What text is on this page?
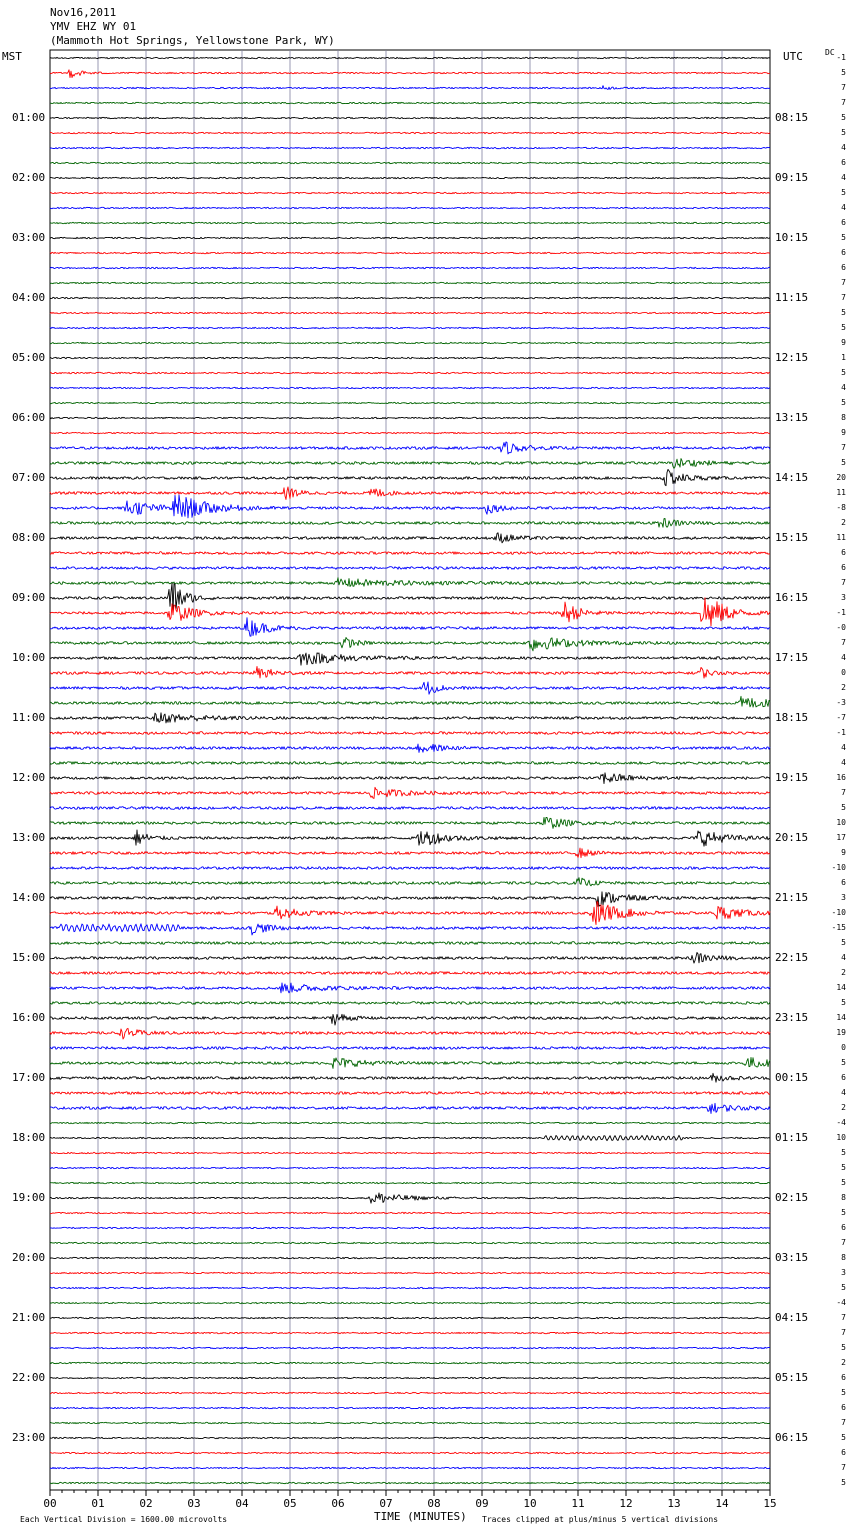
Nov16,2011
YMV EHZ WY 01
(Mammoth Hot Springs, Yellowstone Park, WY)
MST	UTC	DC
00	01	02	03	04	05	06	07	08	09	10	11	12	13	14	15
01:00
02:00
03:00
04:00
05:00
06:00
07:00
08:00
09:00
10:00
11:00
12:00
13:00
14:00
15:00
16:00
17:00
18:00
19:00
20:00
21:00
22:00
23:00
08:15
09:15
10:15
11:15
12:15
13:15
14:15
15:15
16:15
17:15
18:15
19:15
20:15
21:15
22:15
23:15
00:15
01:15
02:15
03:15
04:15
05:15
06:15
-1
5
7
7
5
5
4
6
4
5
4
6
5
6
6
7
7
5
5
9
1
5
4
5
8
9
7
5
20
11
-8
2
11
6
6
7
3
-1
-0
7
4
0
2
-3
-7
-1
4
4
16
7
5
10
17
9
-10
6
3
-10
-15
5
4
2
14
5
14
19
0
5
6
4
2
-4
10
5
5
5
8
5
6
7
8
3
5
-4
7
7
5
2
6
5
6
7
5
6
7
5
TIME (MINUTES)
Each Vertical Division = 1600.00 microvolts	Traces clipped at plus/minus 5 vertical divisions
